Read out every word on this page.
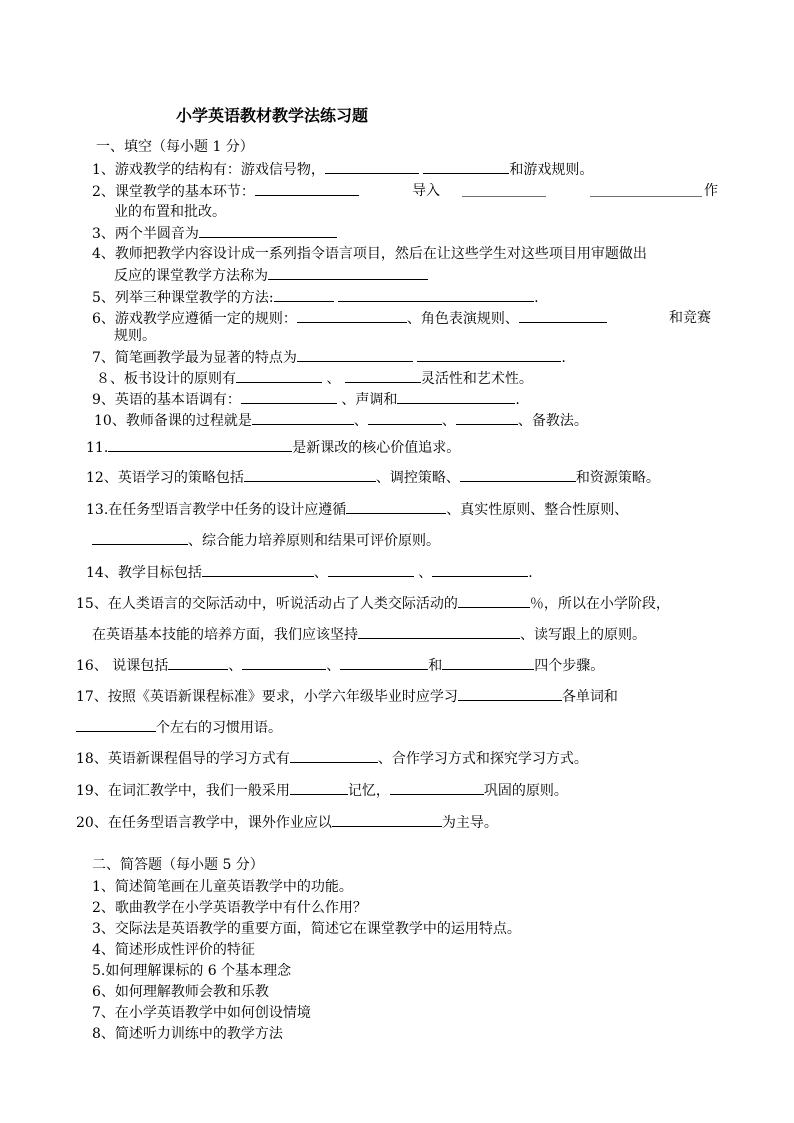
小学英语教材教学法练习题
一、填空（每小题 1 分）
1、游戏教学的结构有：游戏信号物，	和游戏规则。
2、课堂教学的基本环节：	导入 ＿＿＿＿＿＿	＿＿＿＿＿＿＿＿ 作
业的布置和批改。
3、两个半圆音为
4、教师把教学内容设计成一系列指令语言项目，然后在让这些学生对这些项目用审题做出
反应的课堂教学方法称为
5、列举三种课堂教学的方法:	.
6、游戏教学应遵循一定的规则：	、角色表演规则、	和竞赛
规则。
7、简笔画教学最为显著的特点为	.
８、板书设计的原则有	、	灵活性和艺术性。
9、英语的基本语调有：	、声调和	.
10、教师备课的过程就是	、	、	、备教法。
11.	是新课改的核心价值追求。
12、英语学习的策略包括	、调控策略、	和资源策略。
13.在任务型语言教学中任务的设计应遵循	、真实性原则、整合性原则、
、综合能力培养原则和结果可评价原则。
14、教学目标包括	、	、	.
15、在人类语言的交际活动中，听说活动占了人类交际活动的	％，所以在小学阶段，
在英语基本技能的培养方面，我们应该坚持	、读写跟上的原则。
16、 说课包括	、	、	和	四个步骤。
17、按照《英语新课程标准》要求，小学六年级毕业时应学习	各单词和
个左右的习惯用语。
18、英语新课程倡导的学习方式有	、合作学习方式和探究学习方式。
19、在词汇教学中，我们一般采用	记忆，	巩固的原则。
20、在任务型语言教学中，课外作业应以	为主导。
二、简答题（每小题 5 分）
1、简述简笔画在儿童英语教学中的功能。
2、歌曲教学在小学英语教学中有什么作用？
3、交际法是英语教学的重要方面，简述它在课堂教学中的运用特点。
4、简述形成性评价的特征
5.如何理解课标的 6 个基本理念
6、如何理解教师会教和乐教
7、在小学英语教学中如何创设情境
8、简述听力训练中的教学方法
